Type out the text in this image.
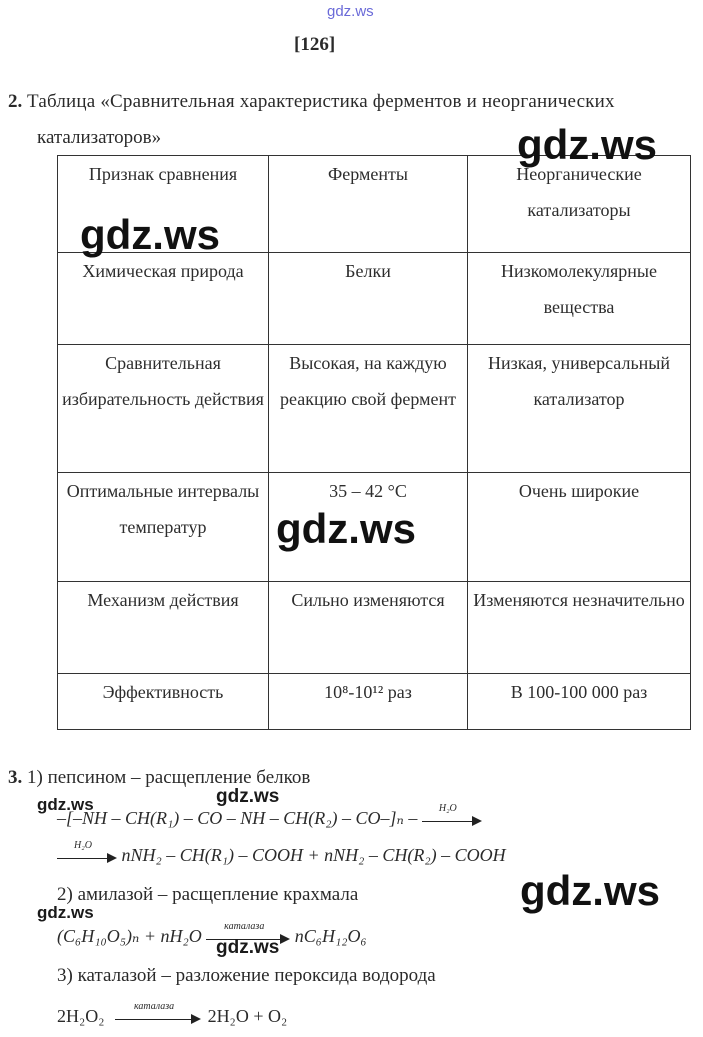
gdz.ws
[126]
2. Таблица «Сравнительная характеристика ферментов и неорганических
катализаторов»
Признак сравнения	Ферменты	Неорганические катализаторы
Химическая природа	Белки	Низкомолекулярные вещества
Сравнительная избирательность действия	Высокая, на каждую реакцию свой фермент	Низкая, универсальный катализатор
Оптимальные интервалы температур	35 – 42 °С	Очень широкие
Механизм действия	Сильно изменяются	Изменяются незначительно
Эффективность	10⁸-10¹² раз	В 100-100 000 раз
3. 1) пепсином – расщепление белков
–[–NH – CH(R₁) – CO – NH – CH(R₂) – CO–]ₙ –	H₂O
H₂O	nNH₂ – CH(R₁) – COOH + nNH₂ – CH(R₂) – COOH
2) амилазой – расщепление крахмала
(C₆H₁₀O₅)ₙ + nH₂O	каталаза	nC₆H₁₂O₆
3) каталазой – разложение пероксида водорода
2H₂O₂	каталаза	2H₂O + O₂
gdz.ws
gdz.ws
gdz.ws
gdz.ws
gdz.ws	gdz.ws
gdz.ws
gdz.ws
